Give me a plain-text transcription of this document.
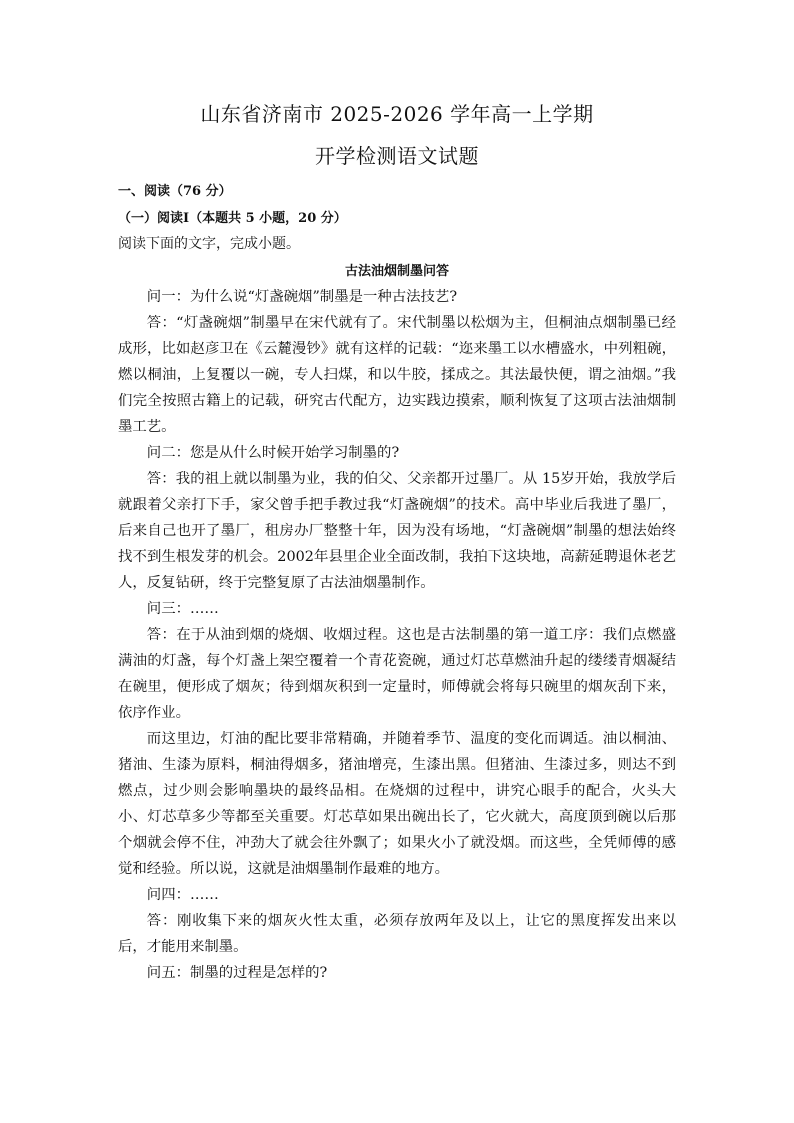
山东省济南市 2025-2026 学年高一上学期
开学检测语文试题
一、阅读（76 分）
（一）阅读Ⅰ（本题共 5 小题，20 分）
阅读下面的文字，完成小题。
古法油烟制墨问答

问一：为什么说“灯盏碗烟”制墨是一种古法技艺?

答：“灯盏碗烟”制墨早在宋代就有了。宋代制墨以松烟为主，但桐油点烟制墨已经成形，比如赵彦卫在《云麓漫钞》就有这样的记载：“迩来墨工以水槽盛水，中列粗碗，燃以桐油，上复覆以一碗，专人扫煤，和以牛胶，揉成之。其法最快便，谓之油烟。”我们完全按照古籍上的记载，研究古代配方，边实践边摸索，顺利恢复了这项古法油烟制墨工艺。

问二：您是从什么时候开始学习制墨的?

答：我的祖上就以制墨为业，我的伯父、父亲都开过墨厂。从 15岁开始，我放学后就跟着父亲打下手，家父曾手把手教过我“灯盏碗烟”的技术。高中毕业后我进了墨厂，后来自己也开了墨厂，租房办厂整整十年，因为没有场地，“灯盏碗烟”制墨的想法始终找不到生根发芽的机会。2002年县里企业全面改制，我拍下这块地，高薪延聘退休老艺人，反复钻研，终于完整复原了古法油烟墨制作。

问三：……

答：在于从油到烟的烧烟、收烟过程。这也是古法制墨的第一道工序：我们点燃盛满油的灯盏，每个灯盏上架空覆着一个青花瓷碗，通过灯芯草燃油升起的缕缕青烟凝结在碗里，便形成了烟灰；待到烟灰积到一定量时，师傅就会将每只碗里的烟灰刮下来，依序作业。

而这里边，灯油的配比要非常精确，并随着季节、温度的变化而调适。油以桐油、猪油、生漆为原料，桐油得烟多，猪油增亮，生漆出黑。但猪油、生漆过多，则达不到燃点，过少则会影响墨块的最终品相。在烧烟的过程中，讲究心眼手的配合，火头大小、灯芯草多少等都至关重要。灯芯草如果出碗出长了，它火就大，高度顶到碗以后那个烟就会停不住，冲劲大了就会往外飘了；如果火小了就没烟。而这些，全凭师傅的感觉和经验。所以说，这就是油烟墨制作最难的地方。

问四：……

答：刚收集下来的烟灰火性太重，必须存放两年及以上，让它的黑度挥发出来以后，才能用来制墨。

问五：制墨的过程是怎样的?
